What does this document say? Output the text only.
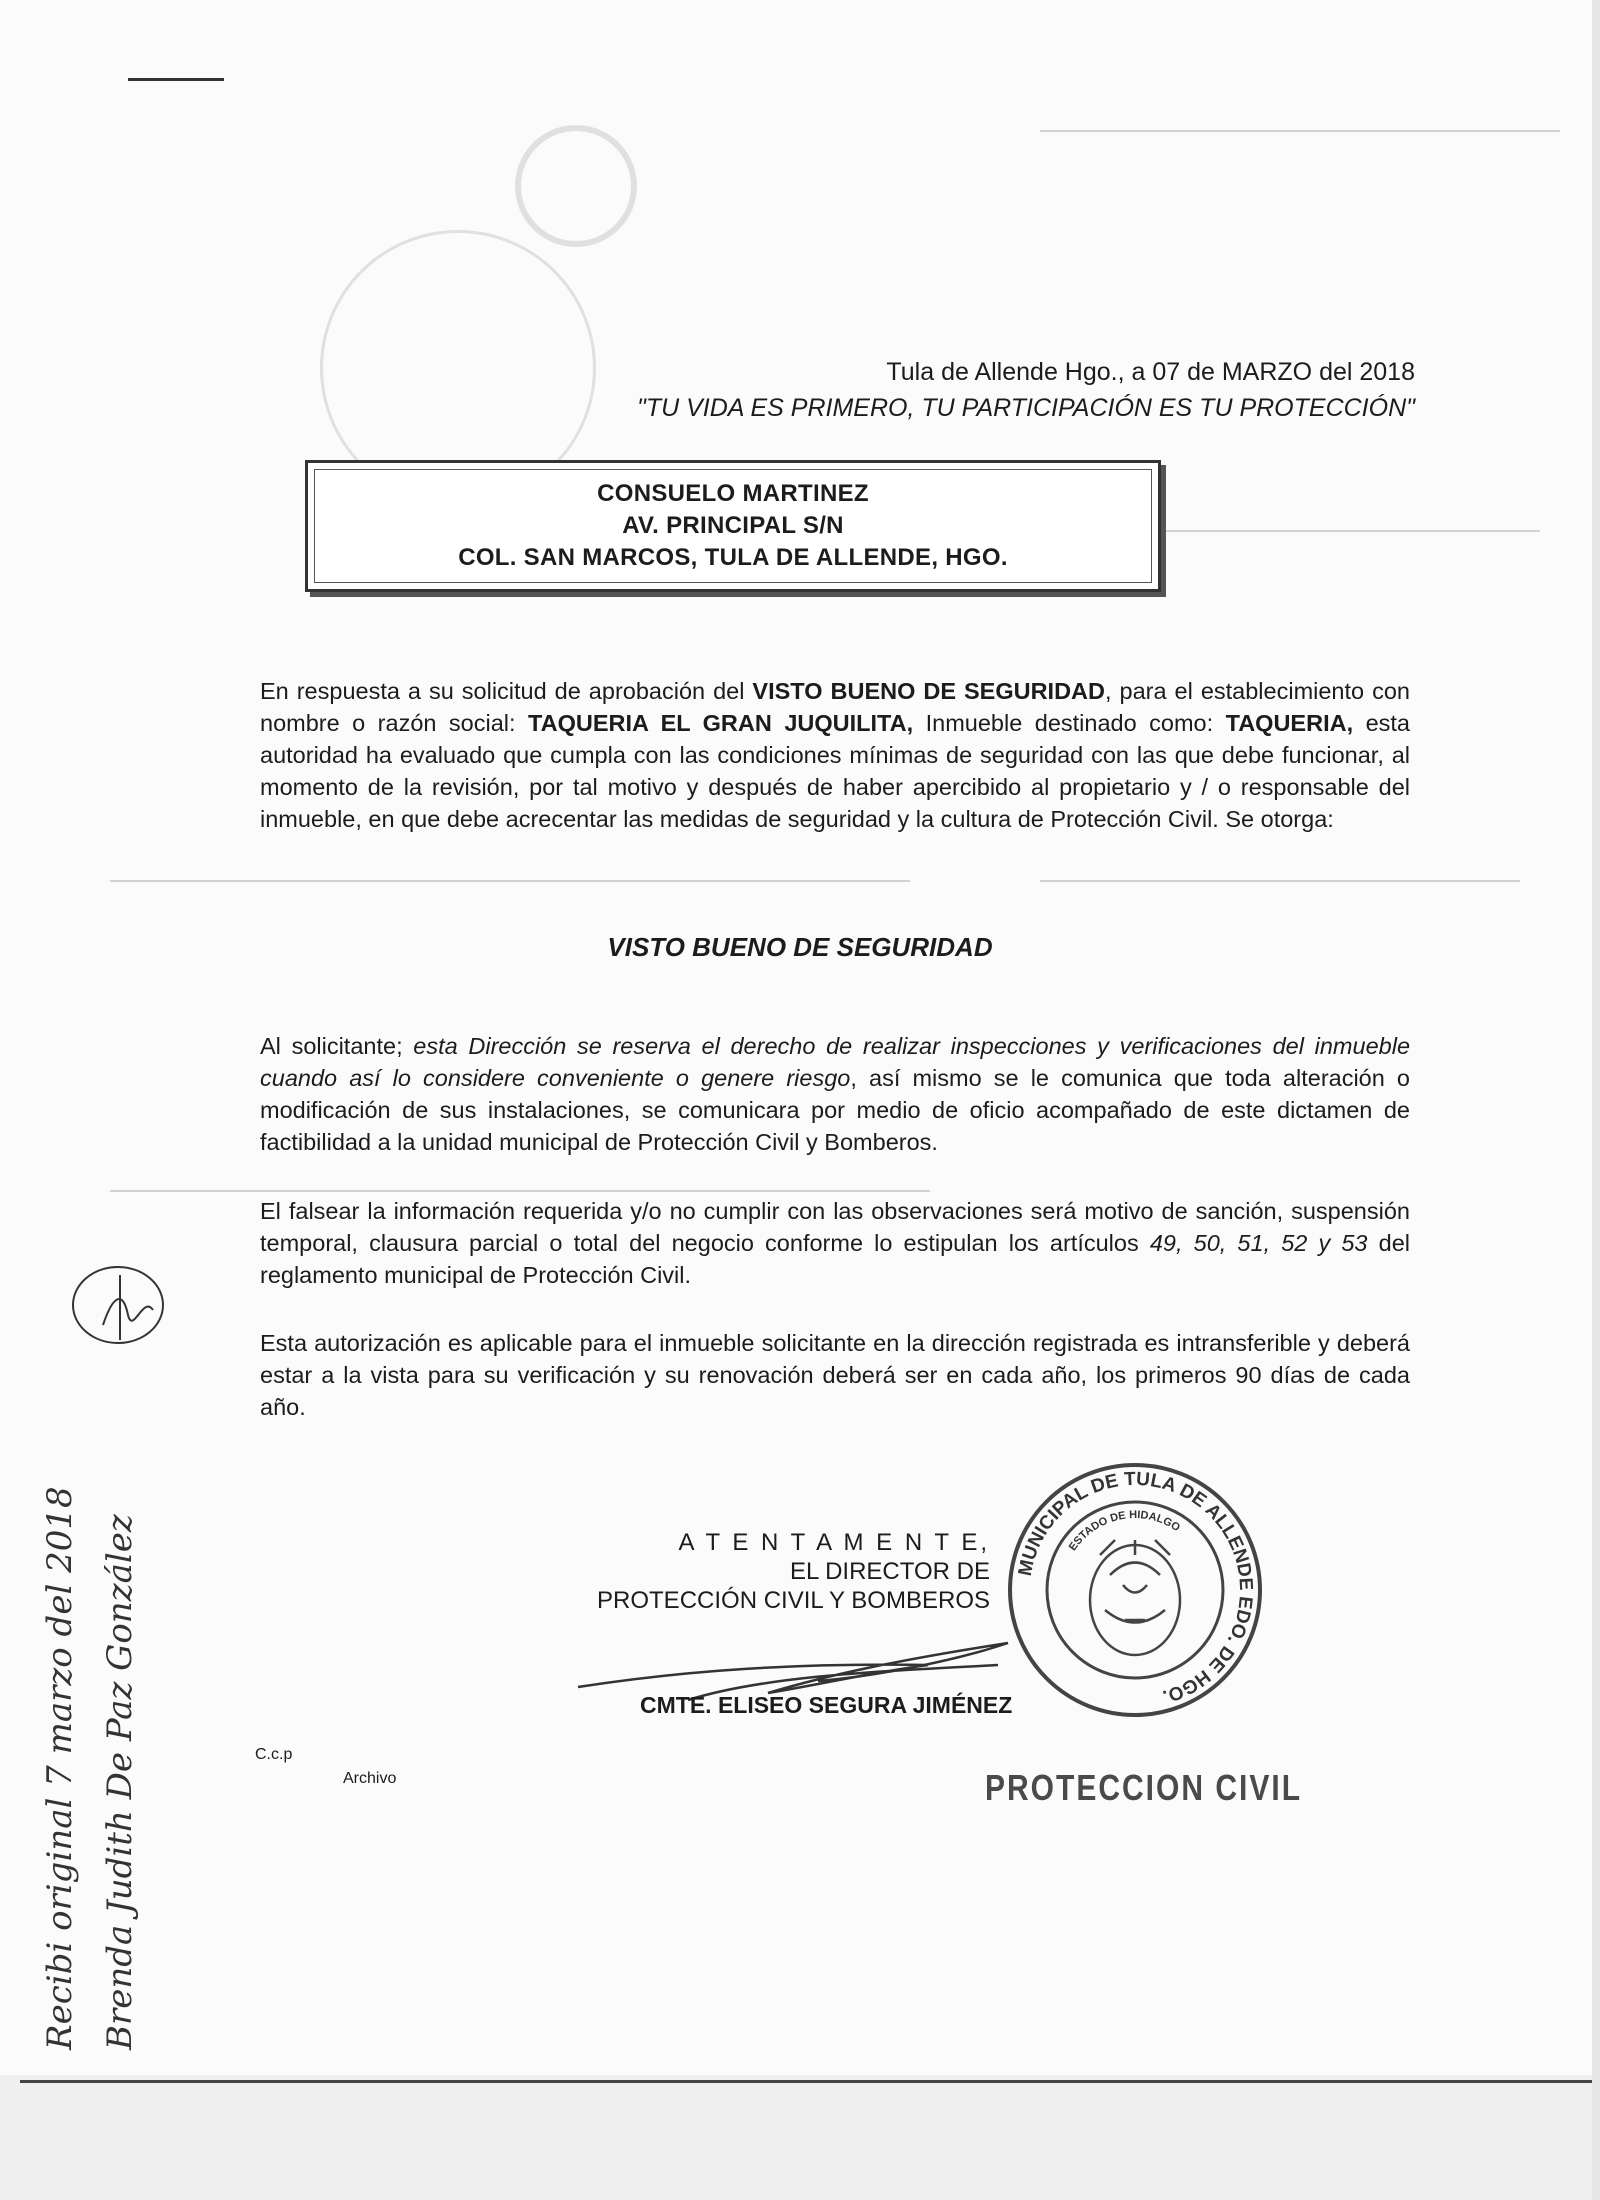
Tula de Allende Hgo., a 07 de MARZO del 2018
"TU VIDA ES PRIMERO, TU PARTICIPACIÓN ES TU PROTECCIÓN"
CONSUELO MARTINEZ
AV. PRINCIPAL S/N
COL. SAN MARCOS, TULA DE ALLENDE, HGO.
En respuesta a su solicitud de aprobación del VISTO BUENO DE SEGURIDAD, para el establecimiento con nombre o razón social: TAQUERIA EL GRAN JUQUILITA, Inmueble destinado como: TAQUERIA, esta autoridad ha evaluado que cumpla con las condiciones mínimas de seguridad con las que debe funcionar, al momento de la revisión, por tal motivo y después de haber apercibido al propietario y / o responsable del inmueble, en que debe acrecentar las medidas de seguridad y la cultura de Protección Civil. Se otorga:
VISTO BUENO DE SEGURIDAD
Al solicitante; esta Dirección se reserva el derecho de realizar inspecciones y verificaciones del inmueble cuando así lo considere conveniente o genere riesgo, así mismo se le comunica que toda alteración o modificación de sus instalaciones, se comunicara por medio de oficio acompañado de este dictamen de factibilidad a la unidad municipal de Protección Civil y Bomberos.
El falsear la información requerida y/o no cumplir con las observaciones será motivo de sanción, suspensión temporal, clausura parcial o total del negocio conforme lo estipulan los artículos 49, 50, 51, 52 y 53 del reglamento municipal de Protección Civil.
Esta autorización es aplicable para el inmueble solicitante en la dirección registrada es intransferible y deberá estar a la vista para su verificación y su renovación deberá ser en cada año, los primeros 90 días de cada año.
A T E N T A M E N T E,
EL DIRECTOR DE
PROTECCIÓN CIVIL Y BOMBEROS
CMTE. ELISEO SEGURA JIMÉNEZ
MUNICIPAL DE TULA DE ALLENDE EDO. DE HGO.
ESTADO DE HIDALGO
PROTECCION CIVIL
C.c.p
Archivo
Recibi original 7 marzo del 2018 Brenda Judith De Paz González
